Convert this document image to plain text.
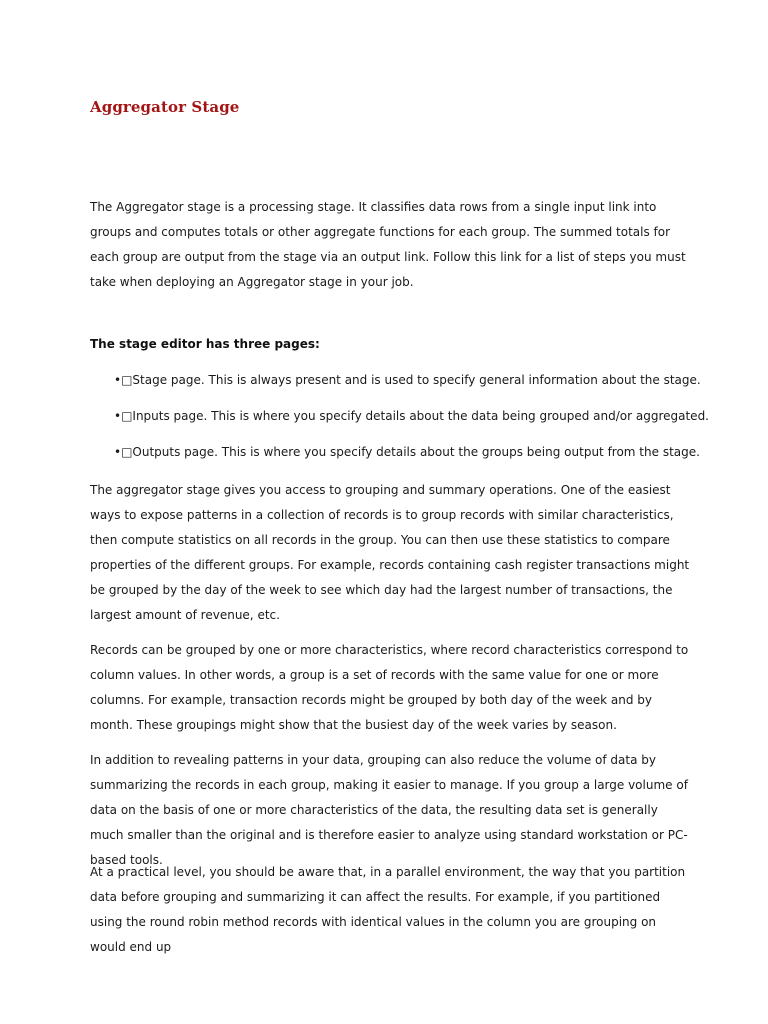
Aggregator Stage

The Aggregator stage is a processing stage. It classifies data rows from a single input link into groups and computes totals or other aggregate functions for each group. The summed totals for each group are output from the stage via an output link. Follow this link for a list of steps you must take when deploying an Aggregator stage in your job.

The stage editor has three pages:

•□Stage page. This is always present and is used to specify general information about the stage.

•□Inputs page. This is where you specify details about the data being grouped and/or aggregated.

•□Outputs page. This is where you specify details about the groups being output from the stage.

The aggregator stage gives you access to grouping and summary operations. One of the easiest ways to expose patterns in a collection of records is to group records with similar characteristics, then compute statistics on all records in the group. You can then use these statistics to compare properties of the different groups. For example, records containing cash register transactions might be grouped by the day of the week to see which day had the largest number of transactions, the largest amount of revenue, etc.

Records can be grouped by one or more characteristics, where record characteristics correspond to column values. In other words, a group is a set of records with the same value for one or more columns. For example, transaction records might be grouped by both day of the week and by month. These groupings might show that the busiest day of the week varies by season.

In addition to revealing patterns in your data, grouping can also reduce the volume of data by summarizing the records in each group, making it easier to manage. If you group a large volume of data on the basis of one or more characteristics of the data, the resulting data set is generally much smaller than the original and is therefore easier to analyze using standard workstation or PC-based tools.

At a practical level, you should be aware that, in a parallel environment, the way that you partition data before grouping and summarizing it can affect the results. For example, if you partitioned using the round robin method records with identical values in the column you are grouping on would end up
